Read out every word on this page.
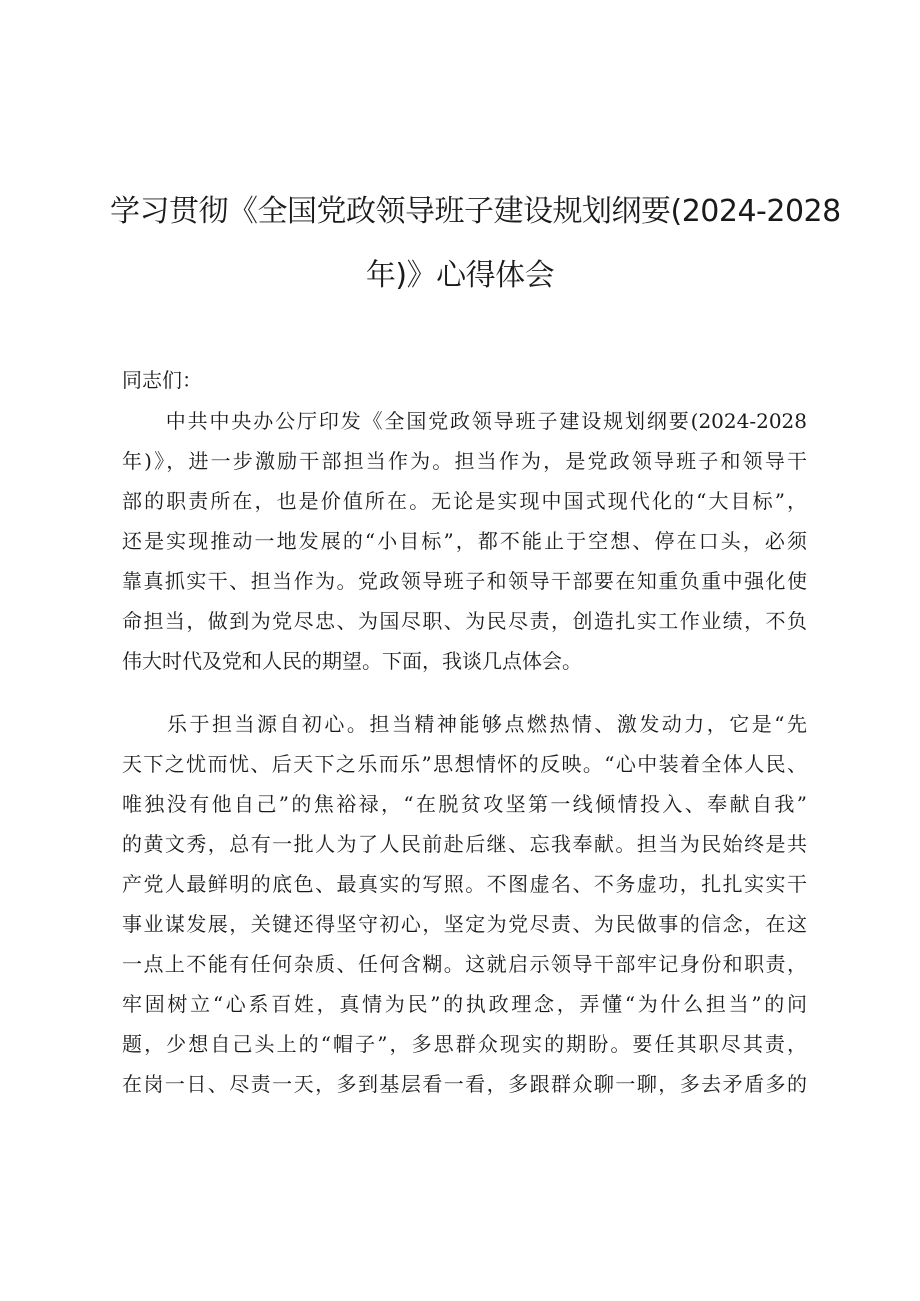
学习贯彻《全国党政领导班子建设规划纲要(2024-2028
年)》心得体会
同志们：
　　中共中央办公厅印发《全国党政领导班子建设规划纲要(2024-2028
年)》，进一步激励干部担当作为。担当作为，是党政领导班子和领导干
部的职责所在，也是价值所在。无论是实现中国式现代化的“大目标”，
还是实现推动一地发展的“小目标”，都不能止于空想、停在口头，必须
靠真抓实干、担当作为。党政领导班子和领导干部要在知重负重中强化使
命担当，做到为党尽忠、为国尽职、为民尽责，创造扎实工作业绩，不负
伟大时代及党和人民的期望。下面，我谈几点体会。
　　乐于担当源自初心。担当精神能够点燃热情、激发动力，它是“先
天下之忧而忧、后天下之乐而乐”思想情怀的反映。“心中装着全体人民、
唯独没有他自己”的焦裕禄，“在脱贫攻坚第一线倾情投入、奉献自我”
的黄文秀，总有一批人为了人民前赴后继、忘我奉献。担当为民始终是共
产党人最鲜明的底色、最真实的写照。不图虚名、不务虚功，扎扎实实干
事业谋发展，关键还得坚守初心，坚定为党尽责、为民做事的信念，在这
一点上不能有任何杂质、任何含糊。这就启示领导干部牢记身份和职责，
牢固树立“心系百姓，真情为民”的执政理念，弄懂“为什么担当”的问
题，少想自己头上的“帽子”，多思群众现实的期盼。要任其职尽其责，
在岗一日、尽责一天，多到基层看一看，多跟群众聊一聊，多去矛盾多的
